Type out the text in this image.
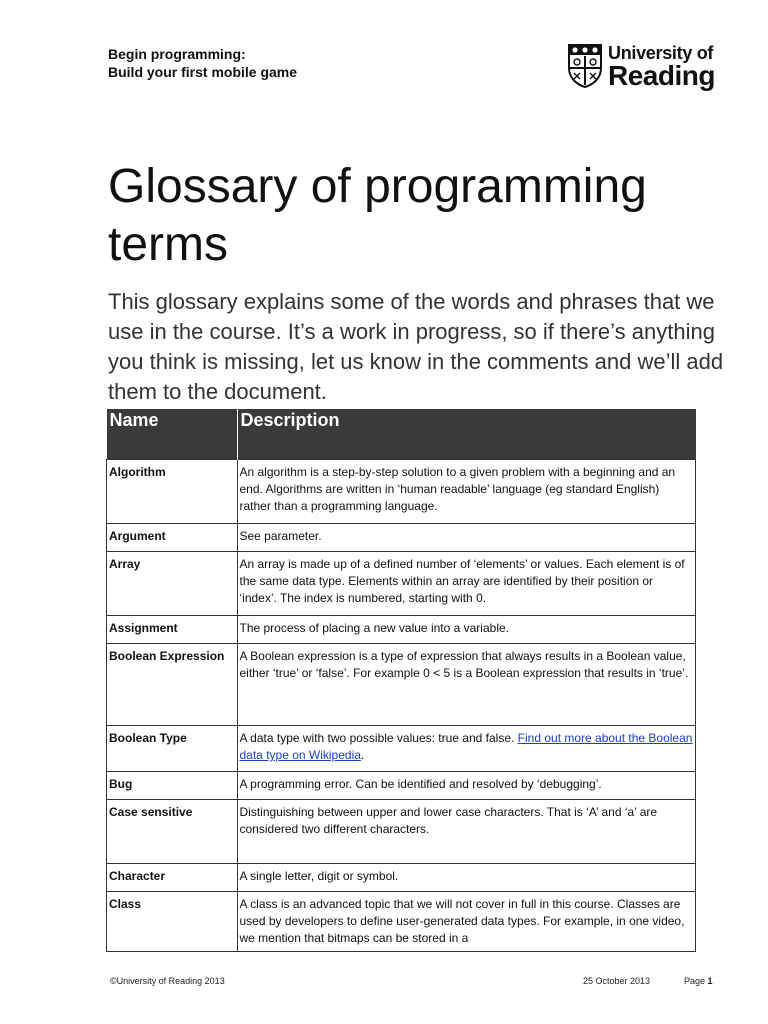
Begin programming:
Build your first mobile game
University of
Reading
Glossary of programming terms

This glossary explains some of the words and phrases that we use in the course. It’s a work in progress, so if there’s anything you think is missing, let us know in the comments and we’ll add them to the document.

Name	Description
Algorithm	An algorithm is a step-by-step solution to a given problem with a beginning and an end. Algorithms are written in ‘human readable’ language (eg standard English) rather than a programming language.
Argument	See parameter.
Array	An array is made up of a defined number of ‘elements’ or values. Each element is of the same data type. Elements within an array are identified by their position or ‘index’. The index is numbered, starting with 0.
Assignment	The process of placing a new value into a variable.
Boolean Expression	A Boolean expression is a type of expression that always results in a Boolean value, either ‘true’ or ‘false’. For example 0 < 5 is a Boolean expression that results in ‘true’.
Boolean Type	A data type with two possible values: true and false. Find out more about the Boolean data type on Wikipedia.
Bug	A programming error. Can be identified and resolved by ‘debugging’.
Case sensitive	Distinguishing between upper and lower case characters. That is ‘A’ and ‘a’ are considered two different characters.
Character	A single letter, digit or symbol.
Class	A class is an advanced topic that we will not cover in full in this course. Classes are used by developers to define user-generated data types. For example, in one video, we mention that bitmaps can be stored in a
©University of Reading 2013	25 October 2013	Page 1
